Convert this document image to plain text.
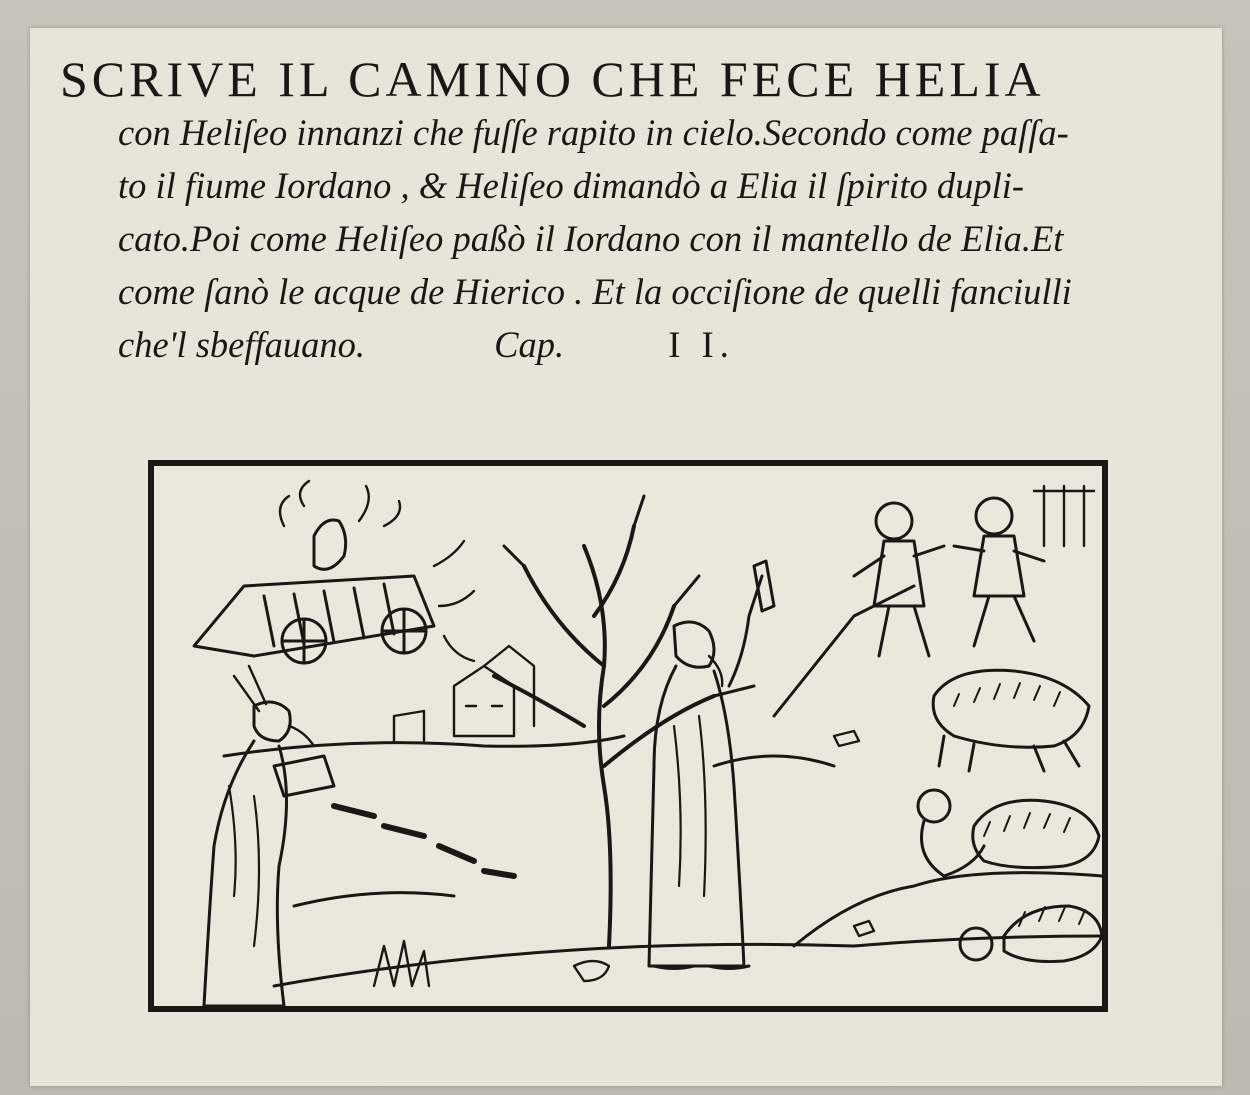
SCRIVE IL CAMINO CHE FECE HELIA
con Heliſeo innanzi che fuſſe rapito in cielo.Secondo come paſſa-
to il fiume Iordano , & Heliſeo dimandò a Elia il ſpirito dupli-
cato.Poi come Heliſeo paßò il Iordano con il mantello de Elia.Et
come ſanò le acque de Hierico . Et la occiſione de quelli fanciulli
che'l sbeffauano.	Cap.	I I.
